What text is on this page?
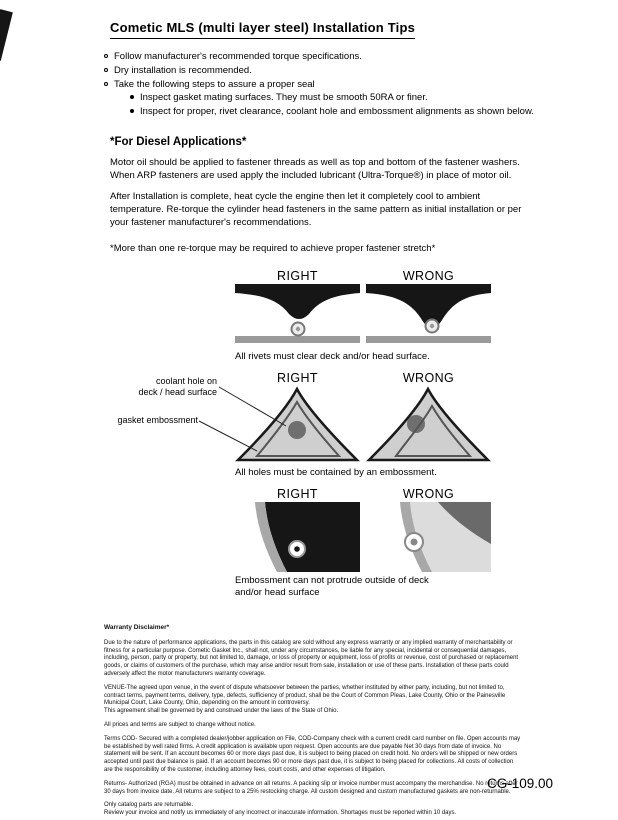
Cometic MLS (multi layer steel) Installation Tips
Follow manufacturer's recommended torque specifications.
Dry installation is recommended.
Take the following steps to assure a proper seal
Inspect gasket mating surfaces. They must be smooth 50RA or finer.
Inspect for proper, rivet clearance, coolant hole and embossment alignments as shown below.
*For Diesel Applications*

Motor oil should be applied to fastener threads as well as top and bottom of the fastener washers. When ARP fasteners are used apply the included lubricant (Ultra-Torque®) in place of motor oil.

After Installation is complete, heat cycle the engine then let it completely cool to ambient temperature. Re-torque the cylinder head fasteners in the same pattern as initial installation or per your fastener manufacturer's recommendations.

*More than one re-torque may be required to achieve proper fastener stretch*

RIGHT	WRONG
All rivets must clear deck and/or head surface.
RIGHT	WRONG
coolant hole on
deck / head surface
gasket embossment
All holes must be contained by an embossment.
RIGHT	WRONG
Embossment can not protrude outside of deck and/or head surface
Warranty Disclaimer*

Due to the nature of performance applications, the parts in this catalog are sold without any express warranty or any implied warranty of merchantability or fitness for a particular purpose. Cometic Gasket Inc., shall not, under any circumstances, be liable for any special, incidental or consequential damages, including, person, party or property, but not limited to, damage, or loss of property or equipment, loss of profits or revenue, cost of purchased or replacement goods, or claims of customers of the purchase, which may arise and/or result from sale, installation or use of these parts. Installation of these parts could adversely affect the motor manufacturers warranty coverage.

VENUE-The agreed upon venue, in the event of dispute whatsoever between the parties, whether instituted by either party, including, but not limited to, contract terms, payment terms, delivery, type, defects, sufficiency of product, shall be the Court of Common Pleas, Lake County, Ohio or the Painesville Municipal Court, Lake County, Ohio, depending on the amount in controversy.

This agreement shall be governed by and construed under the laws of the State of Ohio.

All prices and terms are subject to change without notice.

Terms COD- Secured with a completed dealer/jobber application on File, COD-Company check with a current credit card number on file. Open accounts may be established by well rated firms. A credit application is available upon request. Open accounts are due payable Net 30 days from date of invoice. No statement will be sent. If an account becomes 60 or more days past due, it is subject to being placed on credit hold. No orders will be shipped or new orders accepted until past due balance is paid. If an account becomes 90 or more days past due, it is subject to being placed for collections. All costs of collection are the responsibility of the customer, including attorney fees, court costs, and other expenses of litigation.

Returns- Authorized (RGA) must be obtained in advance on all returns. A packing slip or invoice number must accompany the merchandise. No returns after 30 days from invoice date. All returns are subject to a 25% restocking charge. All custom designed and custom manufactured gaskets are non-returnable.

Only catalog parts are returnable.

Review your invoice and notify us immediately of any incorrect or inaccurate information. Shortages must be reported within 10 days.

CG-109.00
